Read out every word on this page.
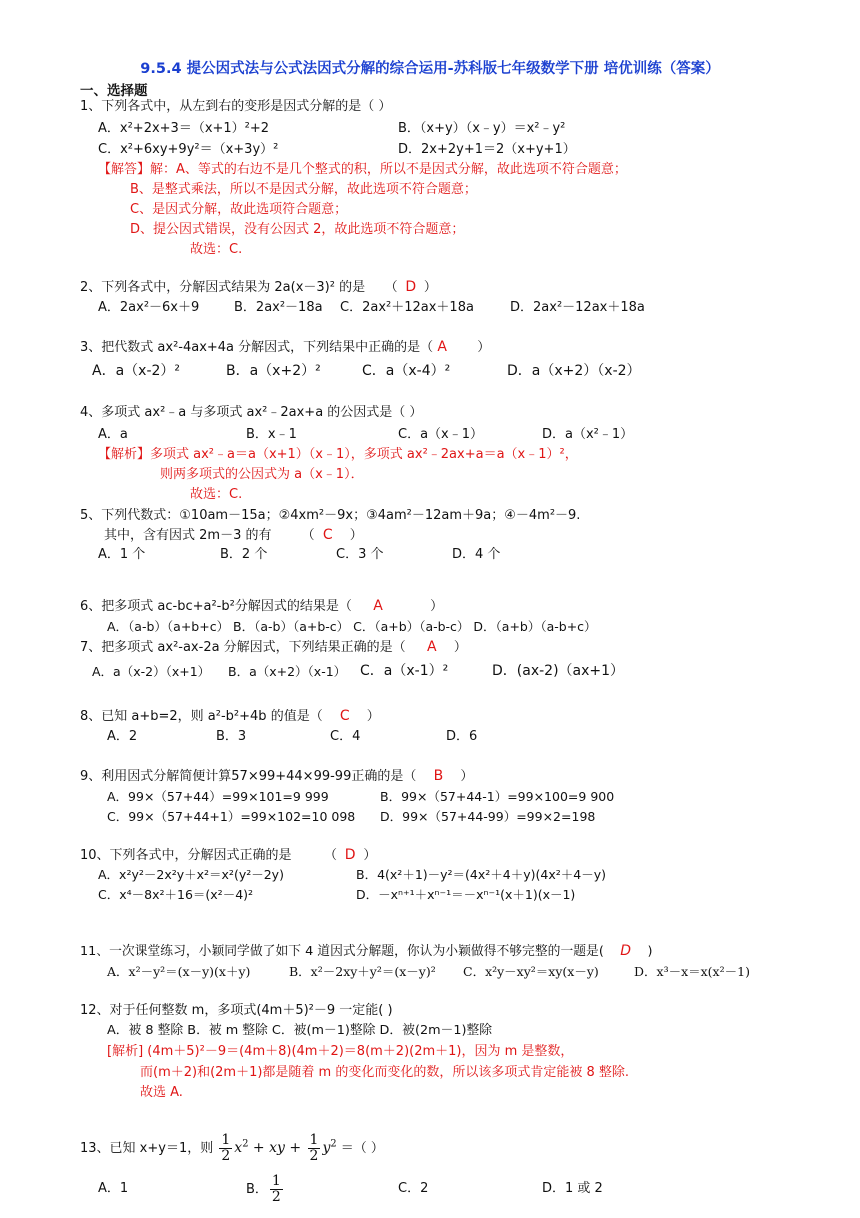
9.5.4 提公因式法与公式法因式分解的综合运用-苏科版七年级数学下册 培优训练（答案）
一、选择题
1、下列各式中，从左到右的变形是因式分解的是（ ）
A．x²+2x+3＝（x+1）²+2	B．（x+y）（x﹣y）＝x²﹣y²
C．x²+6xy+9y²＝（x+3y）²	D．2x+2y+1＝2（x+y+1）
【解答】解：A、等式的右边不是几个整式的积，所以不是因式分解，故此选项不符合题意；
B、是整式乘法，所以不是因式分解，故此选项不符合题意；
C、是因式分解，故此选项符合题意；
D、提公因式错误，没有公因式 2，故此选项不符合题意；
故选：C.
2、下列各式中，分解因式结果为 2a(x－3)² 的是　　（ D ）
A．2ax²－6x＋9	B．2ax²－18a C．2ax²＋12ax＋18a	D．2ax²－12ax＋18a
3、把代数式 ax²-4ax+4a 分解因式，下列结果中正确的是（ A　　 ）
A．a（x-2）²	B．a（x+2）²	C．a（x-4）²	D．a（x+2）（x-2）
4、多项式 ax²﹣a 与多项式 ax²﹣2ax+a 的公因式是（ ）
A．a	B．x﹣1	C．a（x﹣1）	D．a（x²﹣1）
【解析】多项式 ax²﹣a＝a（x+1）（x﹣1），多项式 ax²﹣2ax+a＝a（x﹣1）²，
则两多项式的公因式为 a（x﹣1）．
故选：C.
5、下列代数式：①10am－15a；②4xm²－9x；③4am²－12am＋9a；④－4m²－9.
其中，含有因式 2m－3 的有　　 （ C　）
A．1 个	B．2 个	C．3 个	D．4 个
6、把多项式 ac-bc+a²-b²分解因式的结果是（　 A　　　	）
A．（a-b）（a+b+c） B．（a-b）（a+b-c） C．（a+b）（a-b-c） D．（a+b）（a-b+c）
7、把多项式 ax²-ax-2a 分解因式，下列结果正确的是（　 A　 ）
A．a（x-2）（x+1） B．a（x+2）（x-1） C．a（x-1）²	D．(ax-2)（ax+1）
8、已知 a+b=2，则 a²-b²+4b 的值是（　 C　 ）
A．2	B．3	C．4	D．6
9、利用因式分解简便计算57×99+44×99-99正确的是（　 B　 ）
A．99×（57+44）=99×101=9 999	B．99×（57+44-1）=99×100=9 900
C．99×（57+44+1）=99×102=10 098 D．99×（57+44-99）=99×2=198
10、下列各式中，分解因式正确的是　　　（ D ）
A．x²y²－2x²y＋x²＝x²(y²－2y)	B．4(x²＋1)－y²＝(4x²＋4＋y)(4x²＋4－y)
C．x⁴－8x²＋16＝(x²－4)²	D．－xⁿ⁺¹＋xⁿ⁻¹＝－xⁿ⁻¹(x＋1)(x－1)
11、一次课堂练习，小颖同学做了如下 4 道因式分解题，你认为小颖做得不够完整的一题是(　 D　 )
A．x²－y²＝(x－y)(x＋y)	B．x²－2xy＋y²＝(x－y)² C．x²y－xy²＝xy(x－y)	D．x³－x＝x(x²－1)
12、对于任何整数 m，多项式(4m＋5)²－9 一定能( )
A．被 8 整除 B．被 m 整除 C．被(m－1)整除 D．被(2m－1)整除
[解析] (4m＋5)²－9＝(4m＋8)(4m＋2)＝8(m＋2)(2m＋1)，因为 m 是整数，
而(m＋2)和(2m＋1)都是随着 m 的变化而变化的数，所以该多项式肯定能被 8 整除.
故选 A.
13、已知 x+y＝1，则 $\frac{1}{2} x^2$ + xy + $\frac{1}{2} y^2$ ＝（ ）
A．1	B． $\frac{1}{2}$	C．2	D．1 或 2
